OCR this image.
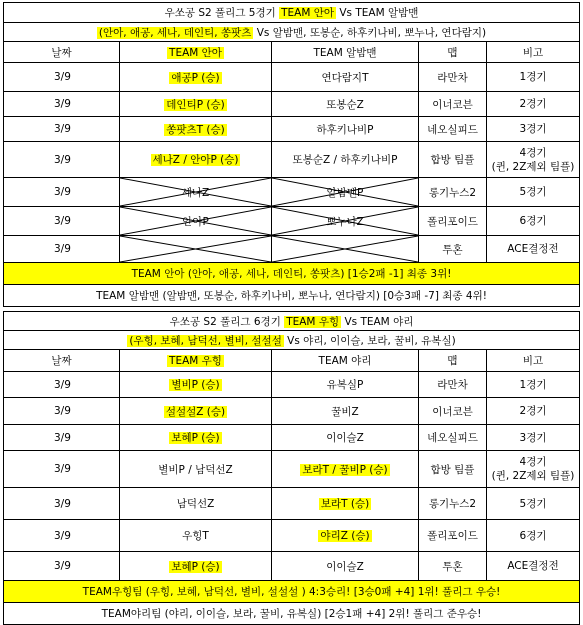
우쏘공 S2 풀리그 5경기 TEAM 안아 Vs TEAM 알밤맨				
(안아, 애공, 세나, 데인티, 쏭팟츠 Vs 알밤맨, 또봉순, 하후키나비, 뽀누나, 연다람지)				
날짜	TEAM 안아	TEAM 알밤맨	맵	비고
3/9	애공P (승)	연다람지T	라만차	1경기
3/9	데인티P (승)	또봉순Z	이너코븐	2경기
3/9	쏭팟츠T (승)	하후키나비P	네오실피드	3경기
3/9	세나Z / 안아P (승)	또봉순Z / 하후키나비P	합방 팀플	4경기
(퀸, 2Z제외 팀플)
3/9	세나Z	알밤맨P	롱기누스2	5경기
3/9	안아P	뽀누나Z	폴리포이드	6경기
3/9			투혼	ACE결정전
TEAM 안아 (안아, 애공, 세나, 데인티, 쏭팟츠) [1승2패 -1] 최종 3위!				
TEAM 알밤맨 (알밤맨, 또봉순, 하후키나비, 뽀누나, 연다람지) [0승3패 -7] 최종 4위!				
우쏘공 S2 풀리그 6경기 TEAM 우힝 Vs TEAM 야리				
(우힝, 보혜, 남덕선, 별비, 설설설 Vs 야리, 이이슬, 보라, 꿀비, 유복실)				
날짜	TEAM 우힝	TEAM 야리	맵	비고
3/9	별비P (승)	유복실P	라만차	1경기
3/9	설설설Z (승)	꿀비Z	이너코븐	2경기
3/9	보혜P (승)	이이슬Z	네오실피드	3경기
3/9	별비P / 남덕선Z	보라T / 꿀비P (승)	합방 팀플	4경기
(퀸, 2Z제외 팀플)
3/9	남덕선Z	보라T (승)	롱기누스2	5경기
3/9	우힝T	야리Z (승)	폴리포이드	6경기
3/9	보혜P (승)	이이슬Z	투혼	ACE결정전
TEAM우힝팀 (우힝, 보혜, 남덕선, 별비, 설설설 ) 4:3승리! [3승0패 +4] 1위! 풀리그 우승!				
TEAM야리팀 (야리, 이이슬, 보라, 꿀비, 유복실) [2승1패 +4] 2위! 풀리그 준우승!				
